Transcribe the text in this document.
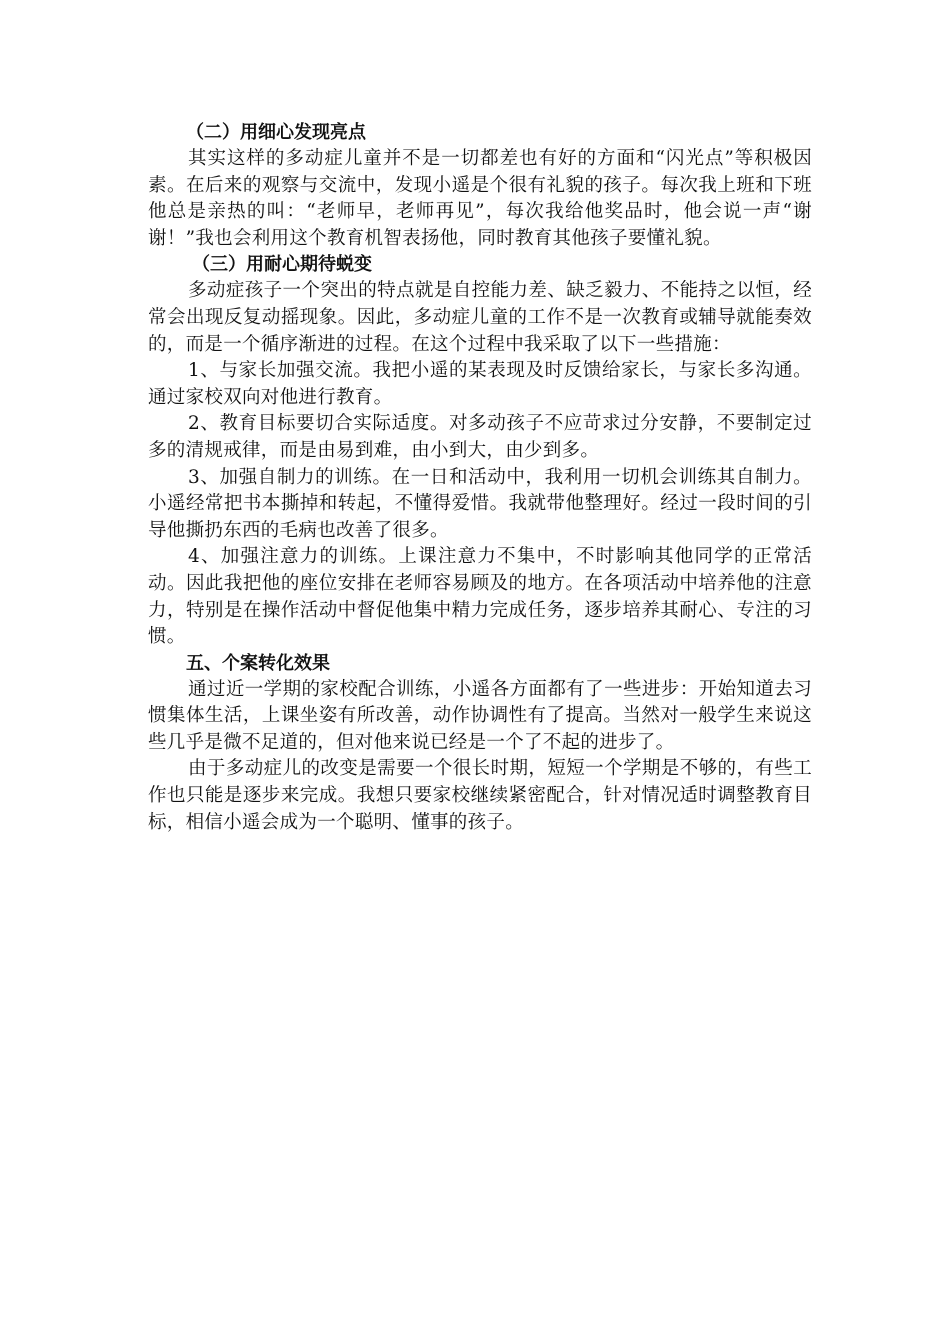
（二）用细心发现亮点

其实这样的多动症儿童并不是一切都差也有好的方面和“闪光点”等积极因素。在后来的观察与交流中，发现小遥是个很有礼貌的孩子。每次我上班和下班他总是亲热的叫：“老师早，老师再见”，每次我给他奖品时，他会说一声“谢谢！”我也会利用这个教育机智表扬他，同时教育其他孩子要懂礼貌。

（三）用耐心期待蜕变

多动症孩子一个突出的特点就是自控能力差、缺乏毅力、不能持之以恒，经常会出现反复动摇现象。因此，多动症儿童的工作不是一次教育或辅导就能奏效的，而是一个循序渐进的过程。在这个过程中我采取了以下一些措施：

1、与家长加强交流。我把小遥的某表现及时反馈给家长，与家长多沟通。通过家校双向对他进行教育。

2、教育目标要切合实际适度。对多动孩子不应苛求过分安静，不要制定过多的清规戒律，而是由易到难，由小到大，由少到多。

3、加强自制力的训练。在一日和活动中，我利用一切机会训练其自制力。小遥经常把书本撕掉和转起，不懂得爱惜。我就带他整理好。经过一段时间的引导他撕扔东西的毛病也改善了很多。

4、加强注意力的训练。上课注意力不集中，不时影响其他同学的正常活动。因此我把他的座位安排在老师容易顾及的地方。在各项活动中培养他的注意力，特别是在操作活动中督促他集中精力完成任务，逐步培养其耐心、专注的习惯。

五、个案转化效果

通过近一学期的家校配合训练，小遥各方面都有了一些进步：开始知道去习惯集体生活，上课坐姿有所改善，动作协调性有了提高。当然对一般学生来说这些几乎是微不足道的，但对他来说已经是一个了不起的进步了。

由于多动症儿的改变是需要一个很长时期，短短一个学期是不够的，有些工作也只能是逐步来完成。我想只要家校继续紧密配合，针对情况适时调整教育目标，相信小遥会成为一个聪明、懂事的孩子。
